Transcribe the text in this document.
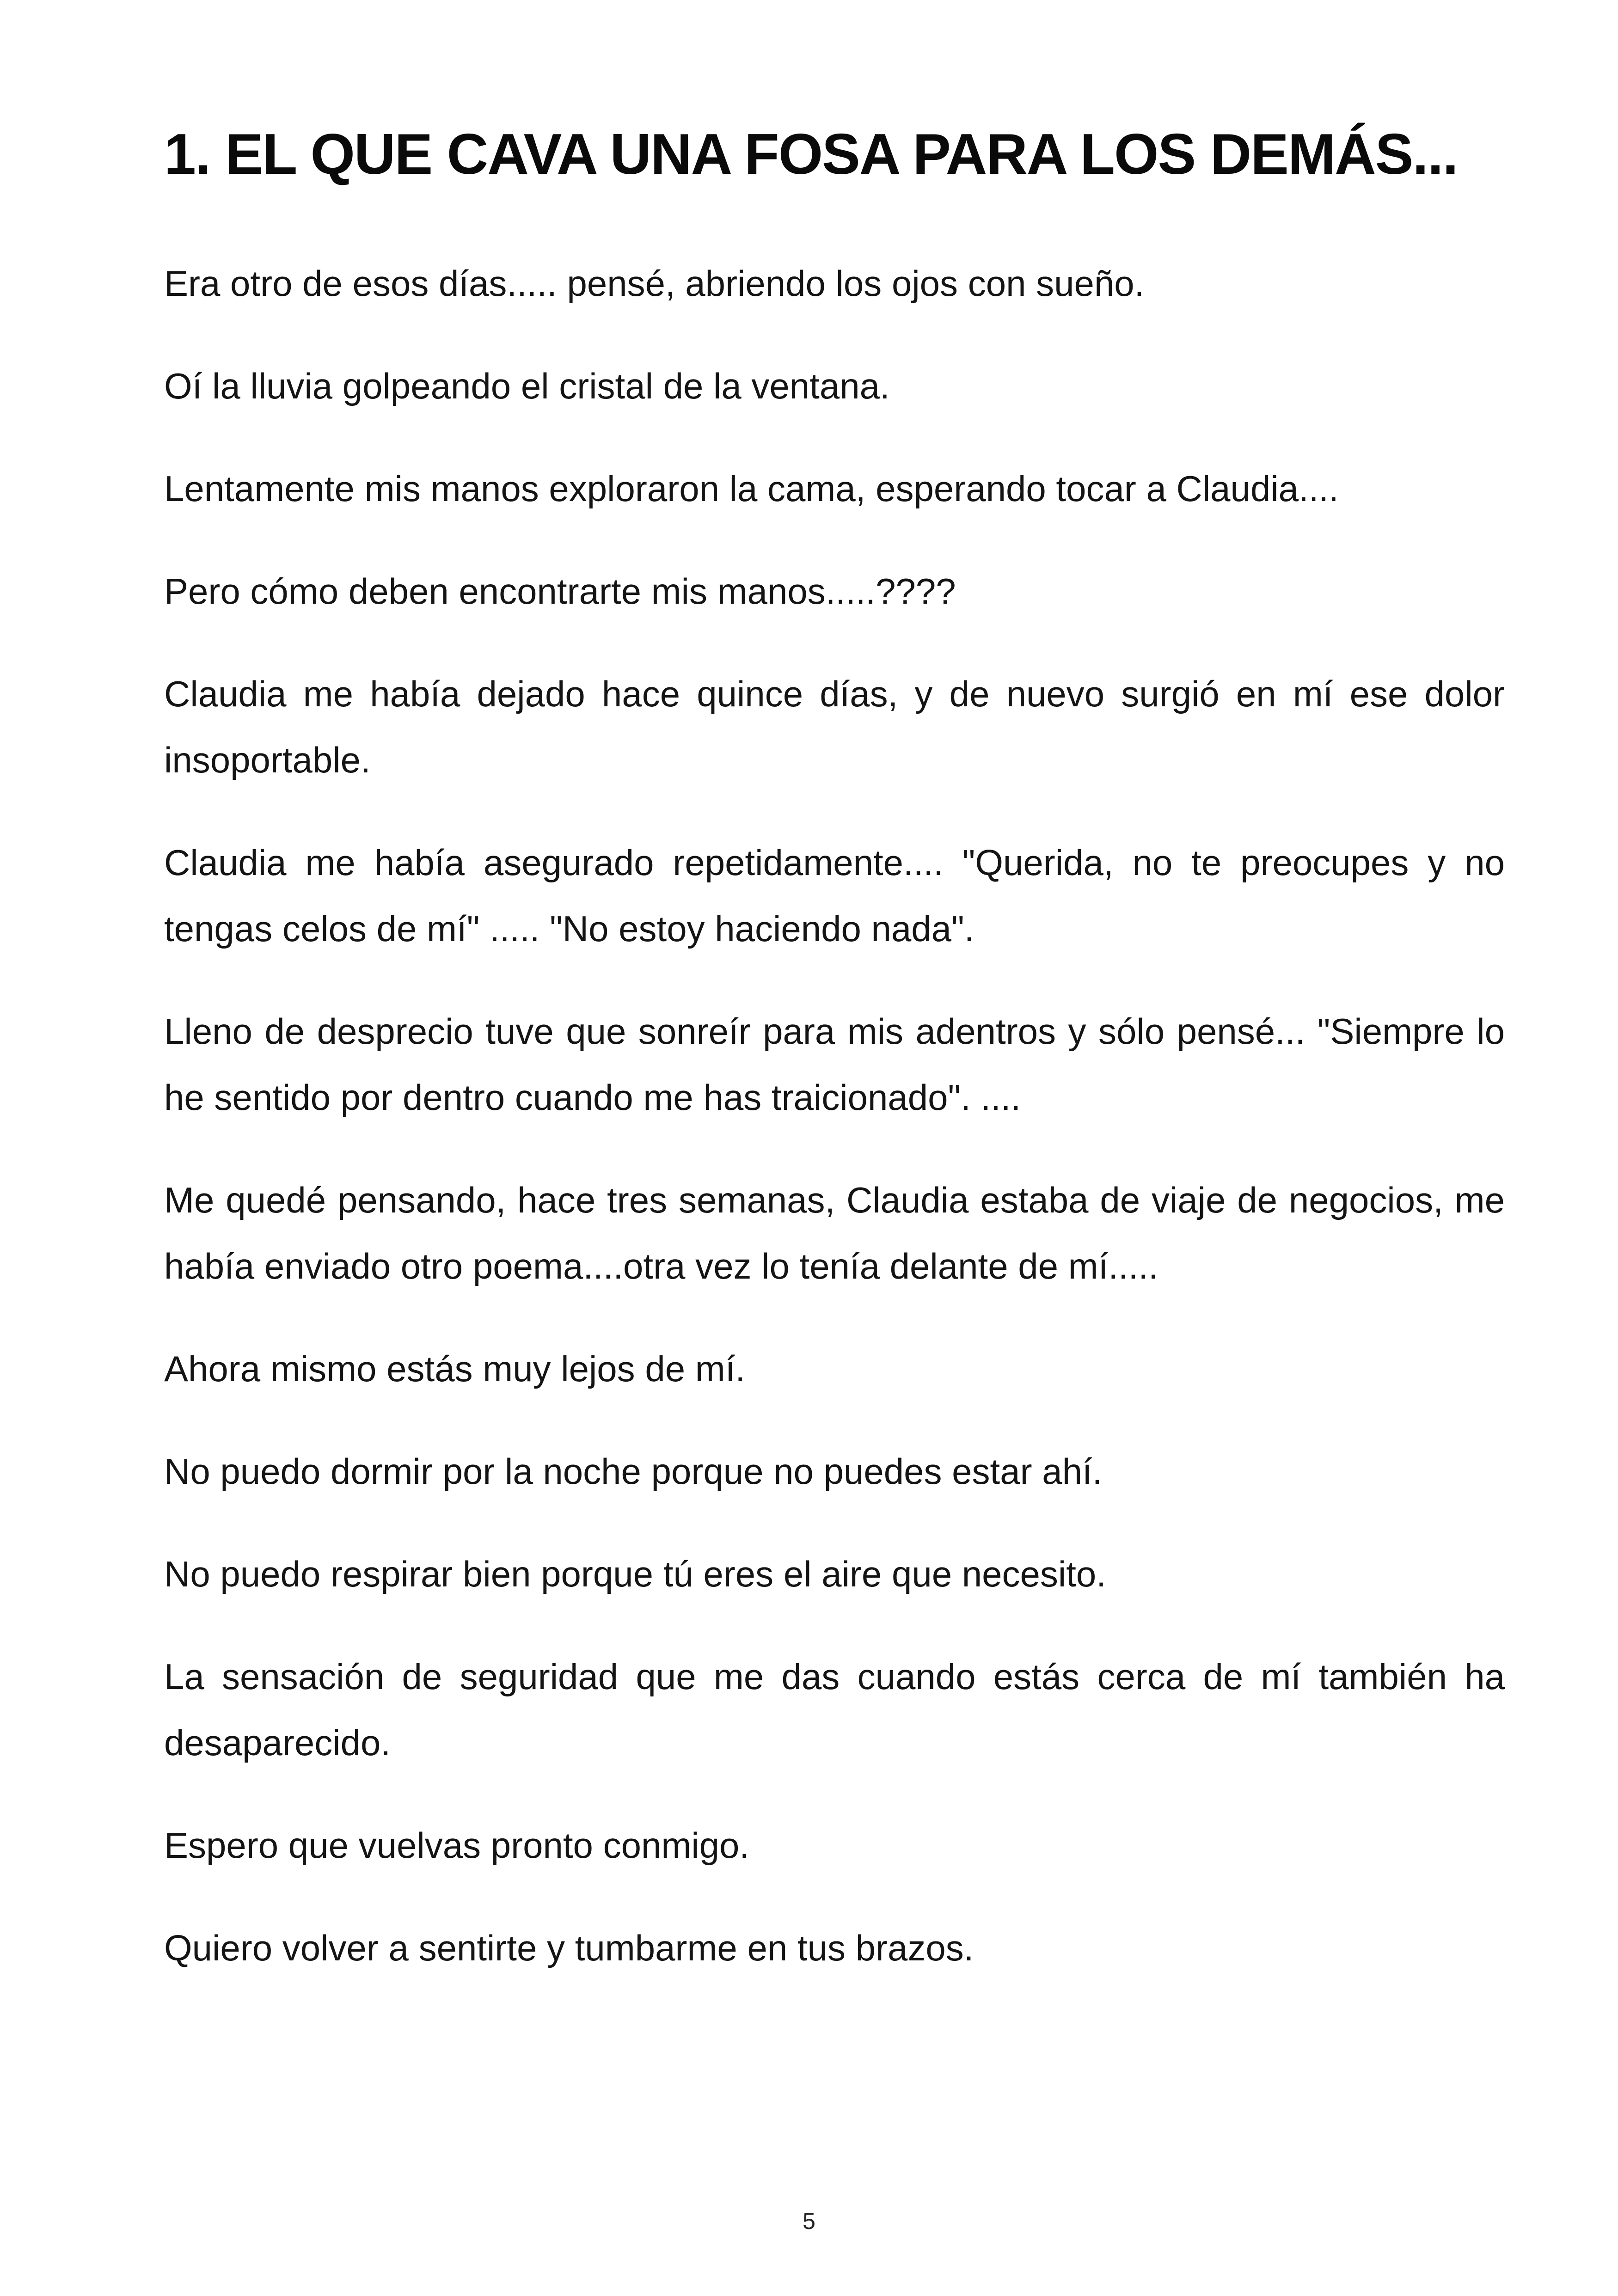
1. EL QUE CAVA UNA FOSA PARA LOS DEMÁS...

Era otro de esos días..... pensé, abriendo los ojos con sueño.

Oí la lluvia golpeando el cristal de la ventana.

Lentamente mis manos exploraron la cama, esperando tocar a Claudia....

Pero cómo deben encontrarte mis manos.....????

Claudia me había dejado hace quince días, y de nuevo surgió en mí ese dolor insoportable.

Claudia me había asegurado repetidamente.... "Querida, no te preocupes y no tengas celos de mí" ..... "No estoy haciendo nada".

Lleno de desprecio tuve que sonreír para mis adentros y sólo pensé... "Siempre lo he sentido por dentro cuando me has traicionado". ....

Me quedé pensando, hace tres semanas, Claudia estaba de viaje de negocios, me había enviado otro poema....otra vez lo tenía delante de mí.....

Ahora mismo estás muy lejos de mí.

No puedo dormir por la noche porque no puedes estar ahí.

No puedo respirar bien porque tú eres el aire que necesito.

La sensación de seguridad que me das cuando estás cerca de mí también ha desaparecido.

Espero que vuelvas pronto conmigo.

Quiero volver a sentirte y tumbarme en tus brazos.

5
